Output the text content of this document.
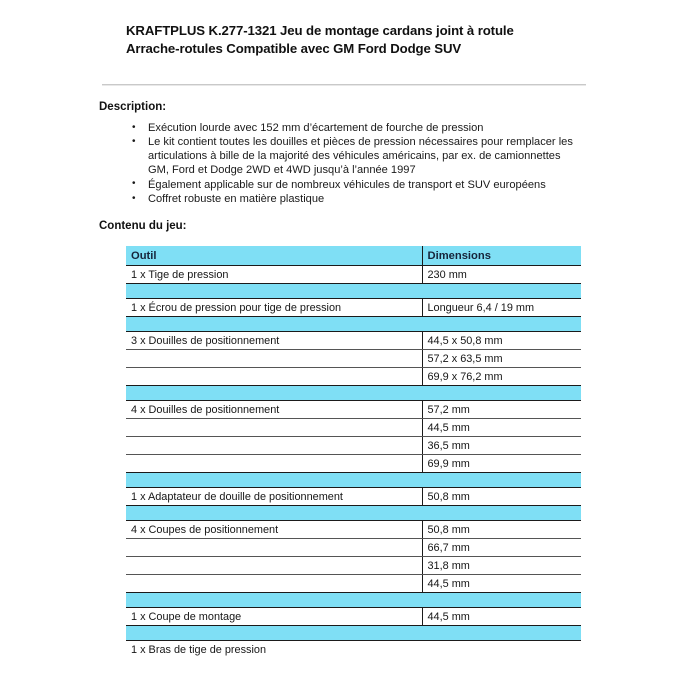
KRAFTPLUS K.277-1321 Jeu de montage cardans joint à rotule
Arrache-rotules Compatible avec GM Ford Dodge SUV
Description:
• Exécution lourde avec 152 mm d’écartement de fourche de pression
• Le kit contient toutes les douilles et pièces de pression nécessaires pour remplacer les articulations à bille de la majorité des véhicules américains, par ex. de camionnettes GM, Ford et Dodge 2WD et 4WD jusqu’à l’année 1997
• Également applicable sur de nombreux véhicules de transport et SUV européens
• Coffret robuste en matière plastique
Contenu du jeu:
Outil	Dimensions
1 x Tige de pression	230 mm

1 x Écrou de pression pour tige de pression	Longueur 6,4 / 19 mm

3 x Douilles de positionnement	44,5 x 50,8 mm
	57,2 x 63,5 mm
	69,9 x 76,2 mm

4 x Douilles de positionnement	57,2 mm
	44,5 mm
	36,5 mm
	69,9 mm

1 x Adaptateur de douille de positionnement	50,8 mm

4 x Coupes de positionnement	50,8 mm
	66,7 mm
	31,8 mm
	44,5 mm

1 x Coupe de montage	44,5 mm

1 x Bras de tige de pression	
